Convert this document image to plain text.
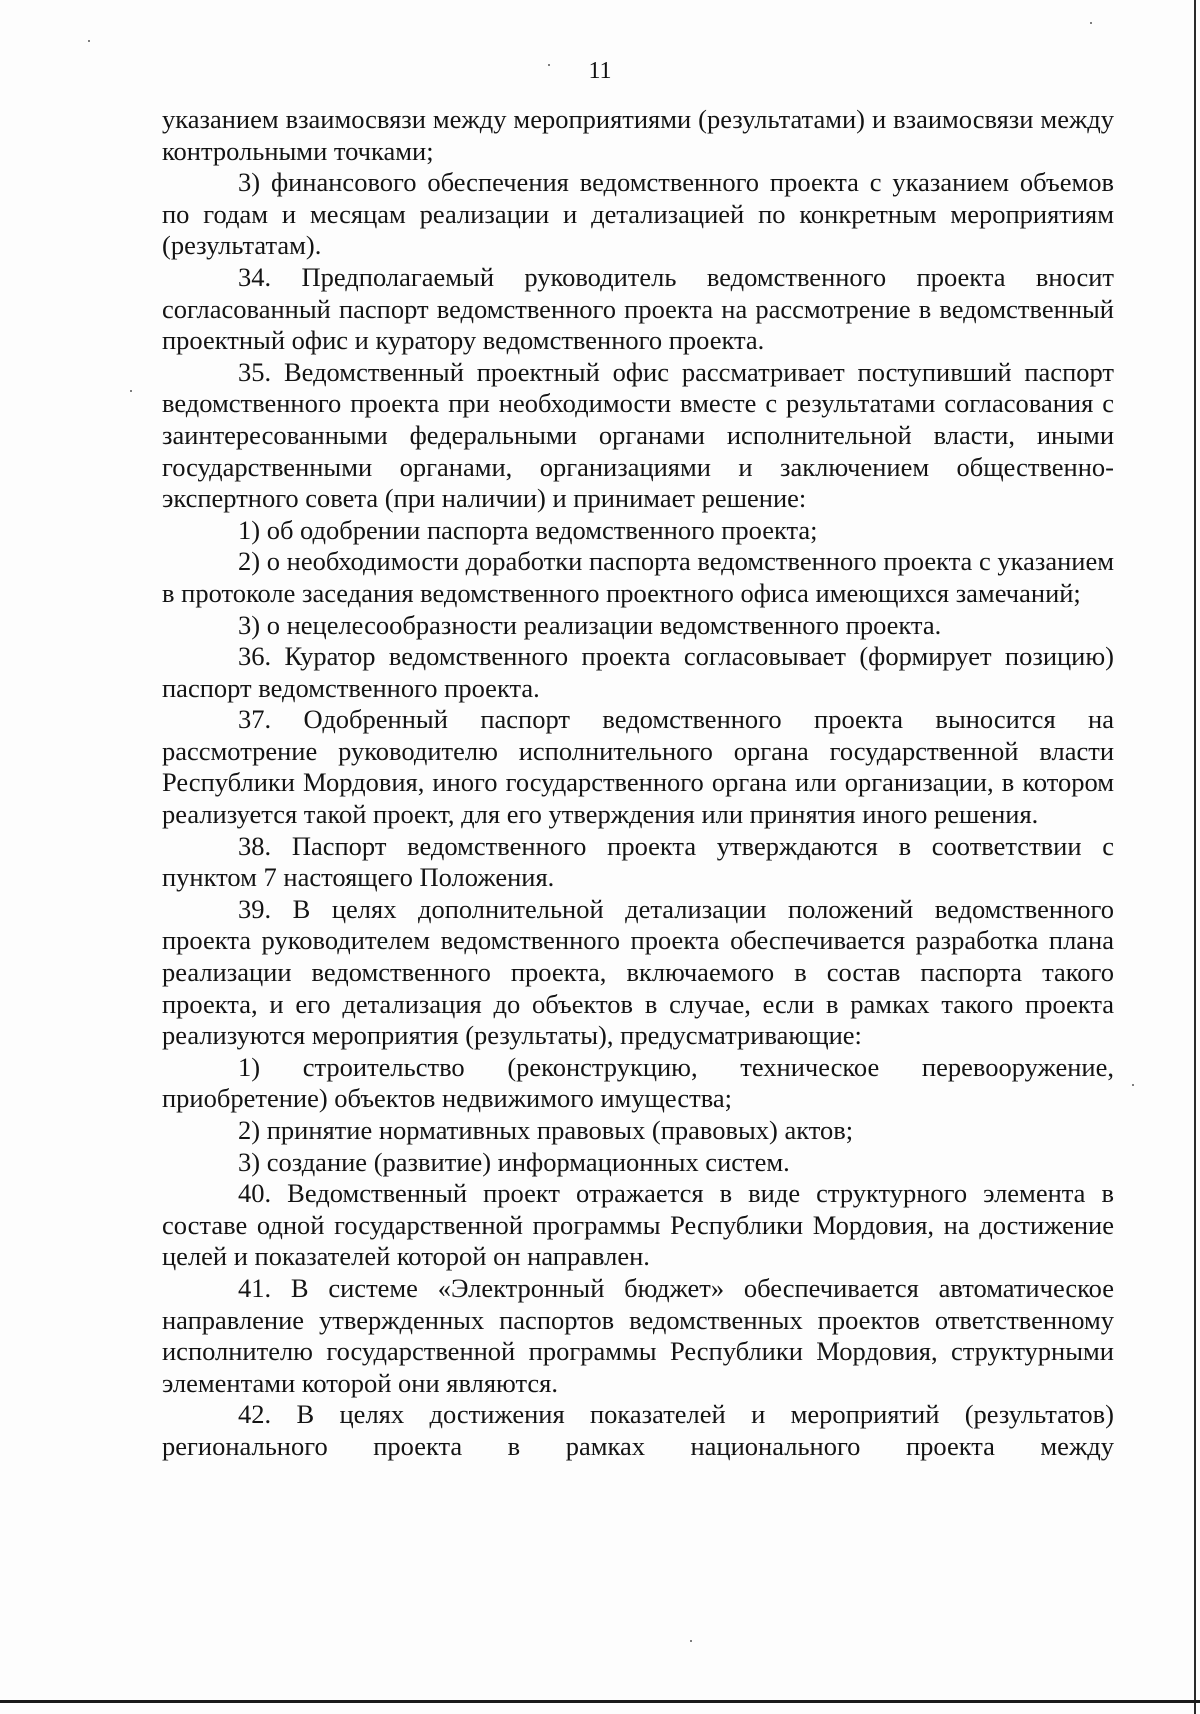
11

указанием взаимосвязи между мероприятиями (результатами) и взаимосвязи между контрольными точками;

3) финансового обеспечения ведомственного проекта с указанием объемов по годам и месяцам реализации и детализацией по конкретным мероприятиям (результатам).

34. Предполагаемый руководитель ведомственного проекта вносит согласованный паспорт ведомственного проекта на рассмотрение в ведомственный проектный офис и куратору ведомственного проекта.

35. Ведомственный проектный офис рассматривает поступивший паспорт ведомственного проекта при необходимости вместе с результатами согласования с заинтересованными федеральными органами исполнительной власти, иными государственными органами, организациями и заключением общественно-экспертного совета (при наличии) и принимает решение:

1) об одобрении паспорта ведомственного проекта;

2) о необходимости доработки паспорта ведомственного проекта с указанием в протоколе заседания ведомственного проектного офиса имеющихся замечаний;

3) о нецелесообразности реализации ведомственного проекта.

36. Куратор ведомственного проекта согласовывает (формирует позицию) паспорт ведомственного проекта.

37. Одобренный паспорт ведомственного проекта выносится на рассмотрение руководителю исполнительного органа государственной власти Республики Мордовия, иного государственного органа или организации, в котором реализуется такой проект, для его утверждения или принятия иного решения.

38. Паспорт ведомственного проекта утверждаются в соответствии с пунктом 7 настоящего Положения.

39. В целях дополнительной детализации положений ведомственного проекта руководителем ведомственного проекта обеспечивается разработка плана реализации ведомственного проекта, включаемого в состав паспорта такого проекта, и его детализация до объектов в случае, если в рамках такого проекта реализуются мероприятия (результаты), предусматривающие:

1) строительство (реконструкцию, техническое перевооружение, приобретение) объектов недвижимого имущества;

2) принятие нормативных правовых (правовых) актов;

3) создание (развитие) информационных систем.

40. Ведомственный проект отражается в виде структурного элемента в составе одной государственной программы Республики Мордовия, на достижение целей и показателей которой он направлен.

41. В системе «Электронный бюджет» обеспечивается автоматическое направление утвержденных паспортов ведомственных проектов ответственному исполнителю государственной программы Республики Мордовия, структурными элементами которой они являются.

42. В целях достижения показателей и мероприятий (результатов) регионального проекта в рамках национального проекта между
